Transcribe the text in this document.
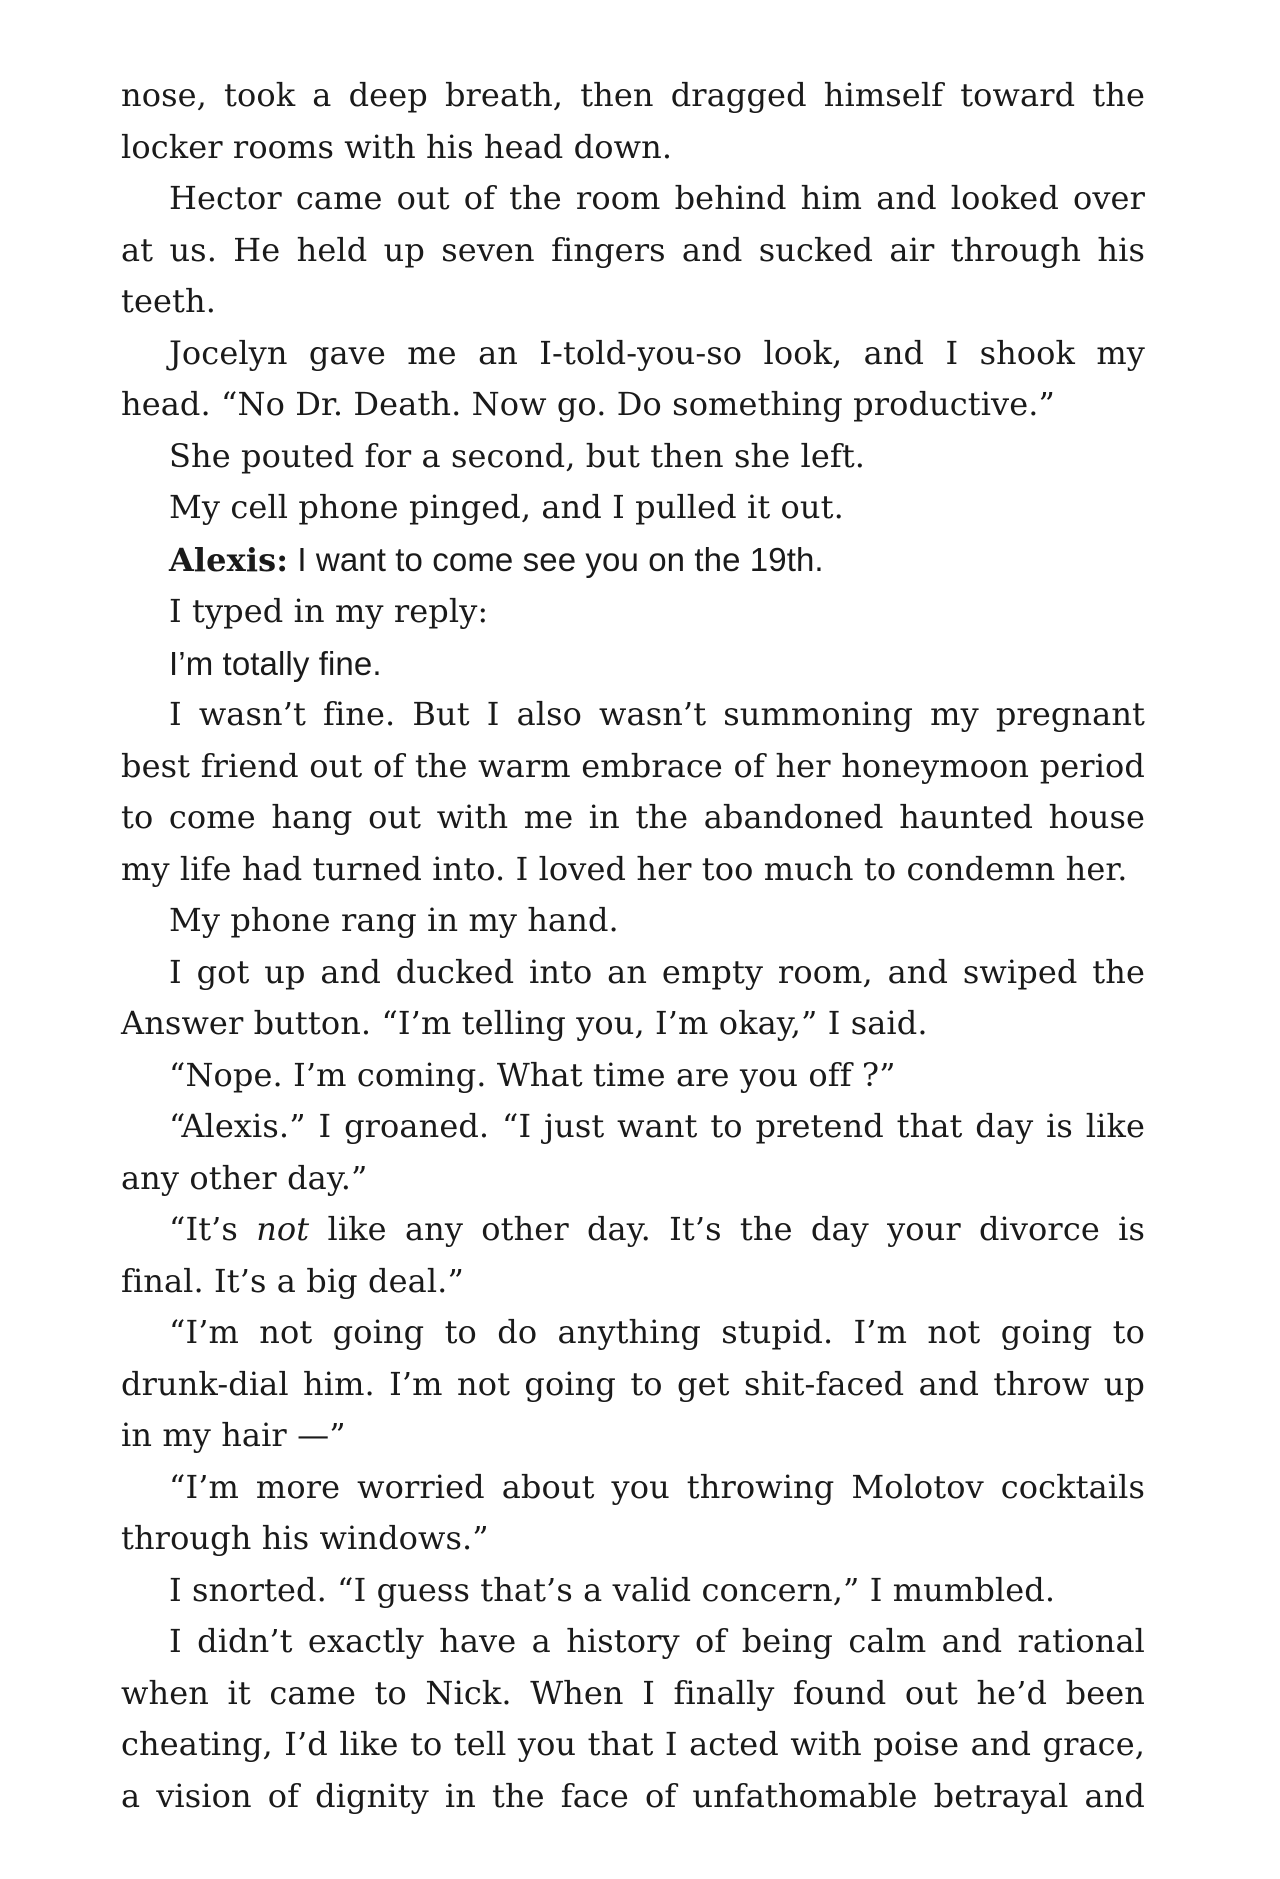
nose, took a deep breath, then dragged himself toward the locker rooms with his head down.

Hector came out of the room behind him and looked over at us. He held up seven fingers and sucked air through his teeth.

Jocelyn gave me an I-told-you-so look, and I shook my head. “No Dr. Death. Now go. Do something productive.”

She pouted for a second, but then she left.

My cell phone pinged, and I pulled it out.

Alexis: I want to come see you on the 19th.

I typed in my reply:

I’m totally fine.

I wasn’t fine. But I also wasn’t summoning my pregnant best friend out of the warm embrace of her honeymoon period to come hang out with me in the abandoned haunted house my life had turned into. I loved her too much to condemn her.

My phone rang in my hand.

I got up and ducked into an empty room, and swiped the Answer button. “I’m telling you, I’m okay,” I said.

“Nope. I’m coming. What time are you off ?”

“Alexis.” I groaned. “I just want to pretend that day is like any other day.”

“It’s not like any other day. It’s the day your divorce is final. It’s a big deal.”

“I’m not going to do anything stupid. I’m not going to drunk-dial him. I’m not going to get shit-faced and throw up in my hair —”

“I’m more worried about you throwing Molotov cocktails through his windows.”

I snorted. “I guess that’s a valid concern,” I mumbled.

I didn’t exactly have a history of being calm and rational when it came to Nick. When I finally found out he’d been cheating, I’d like to tell you that I acted with poise and grace, a vision of dignity in the face of unfathomable betrayal and
